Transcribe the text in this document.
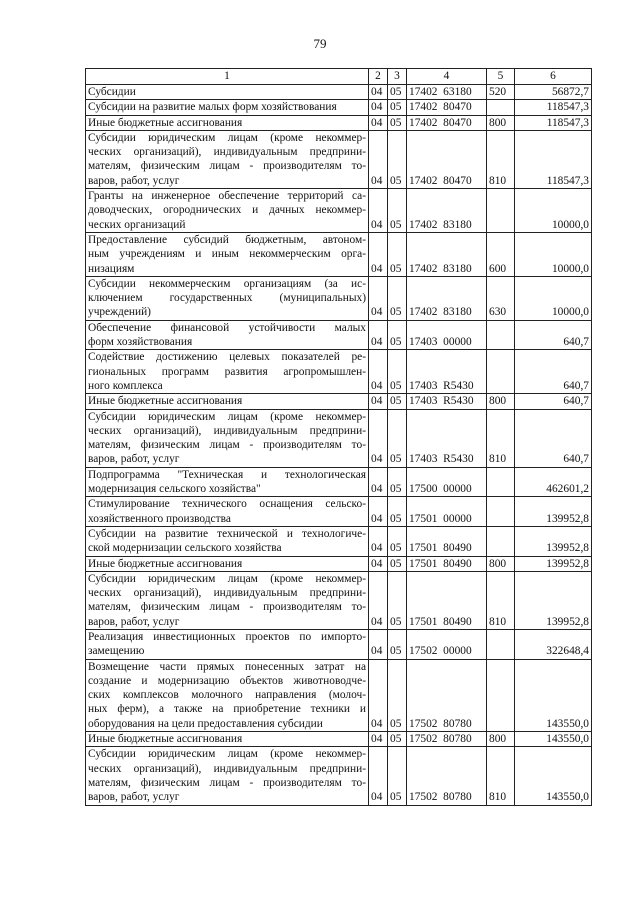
79
1	2	3	4	5	6

Субсидии	04	05	17402  63180	520	56872,7

Субсидии на развитие малых форм хозяйствования	04	05	17402  80470		118547,3

Иные бюджетные ассигнования	04	05	17402  80470	800	118547,3

Субсидии юридическим лицам (кроме некоммер-
ческих организаций), индивидуальным предприни-
мателям, физическим лицам - производителям то-
варов, работ, услуг	04	05	17402  80470	810	118547,3

Гранты на инженерное обеспечение территорий са-
доводческих, огороднических и дачных некоммер-
ческих организаций	04	05	17402  83180		10000,0

Предоставление субсидий бюджетным, автоном-
ным учреждениям и иным некоммерческим орга-
низациям	04	05	17402  83180	600	10000,0

Субсидии некоммерческим организациям (за ис-
ключением государственных (муниципальных)
учреждений)	04	05	17402  83180	630	10000,0

Обеспечение финансовой устойчивости малых
форм хозяйствования	04	05	17403  00000		640,7

Содействие достижению целевых показателей ре-
гиональных программ развития агропромышлен-
ного комплекса	04	05	17403  R5430		640,7

Иные бюджетные ассигнования	04	05	17403  R5430	800	640,7

Субсидии юридическим лицам (кроме некоммер-
ческих организаций), индивидуальным предприни-
мателям, физическим лицам - производителям то-
варов, работ, услуг	04	05	17403  R5430	810	640,7

Подпрограмма "Техническая и технологическая
модернизация сельского хозяйства"	04	05	17500  00000		462601,2

Стимулирование технического оснащения сельско-
хозяйственного производства	04	05	17501  00000		139952,8

Субсидии на развитие технической и технологиче-
ской модернизации сельского хозяйства	04	05	17501  80490		139952,8

Иные бюджетные ассигнования	04	05	17501  80490	800	139952,8

Субсидии юридическим лицам (кроме некоммер-
ческих организаций), индивидуальным предприни-
мателям, физическим лицам - производителям то-
варов, работ, услуг	04	05	17501  80490	810	139952,8

Реализация инвестиционных проектов по импорто-
замещению	04	05	17502  00000		322648,4

Возмещение части прямых понесенных затрат на
создание и модернизацию объектов животноводче-
ских комплексов молочного направления (молоч-
ных ферм), а также на приобретение техники и
оборудования на цели предоставления субсидии	04	05	17502  80780		143550,0

Иные бюджетные ассигнования	04	05	17502  80780	800	143550,0

Субсидии юридическим лицам (кроме некоммер-
ческих организаций), индивидуальным предприни-
мателям, физическим лицам - производителям то-
варов, работ, услуг	04	05	17502  80780	810	143550,0
